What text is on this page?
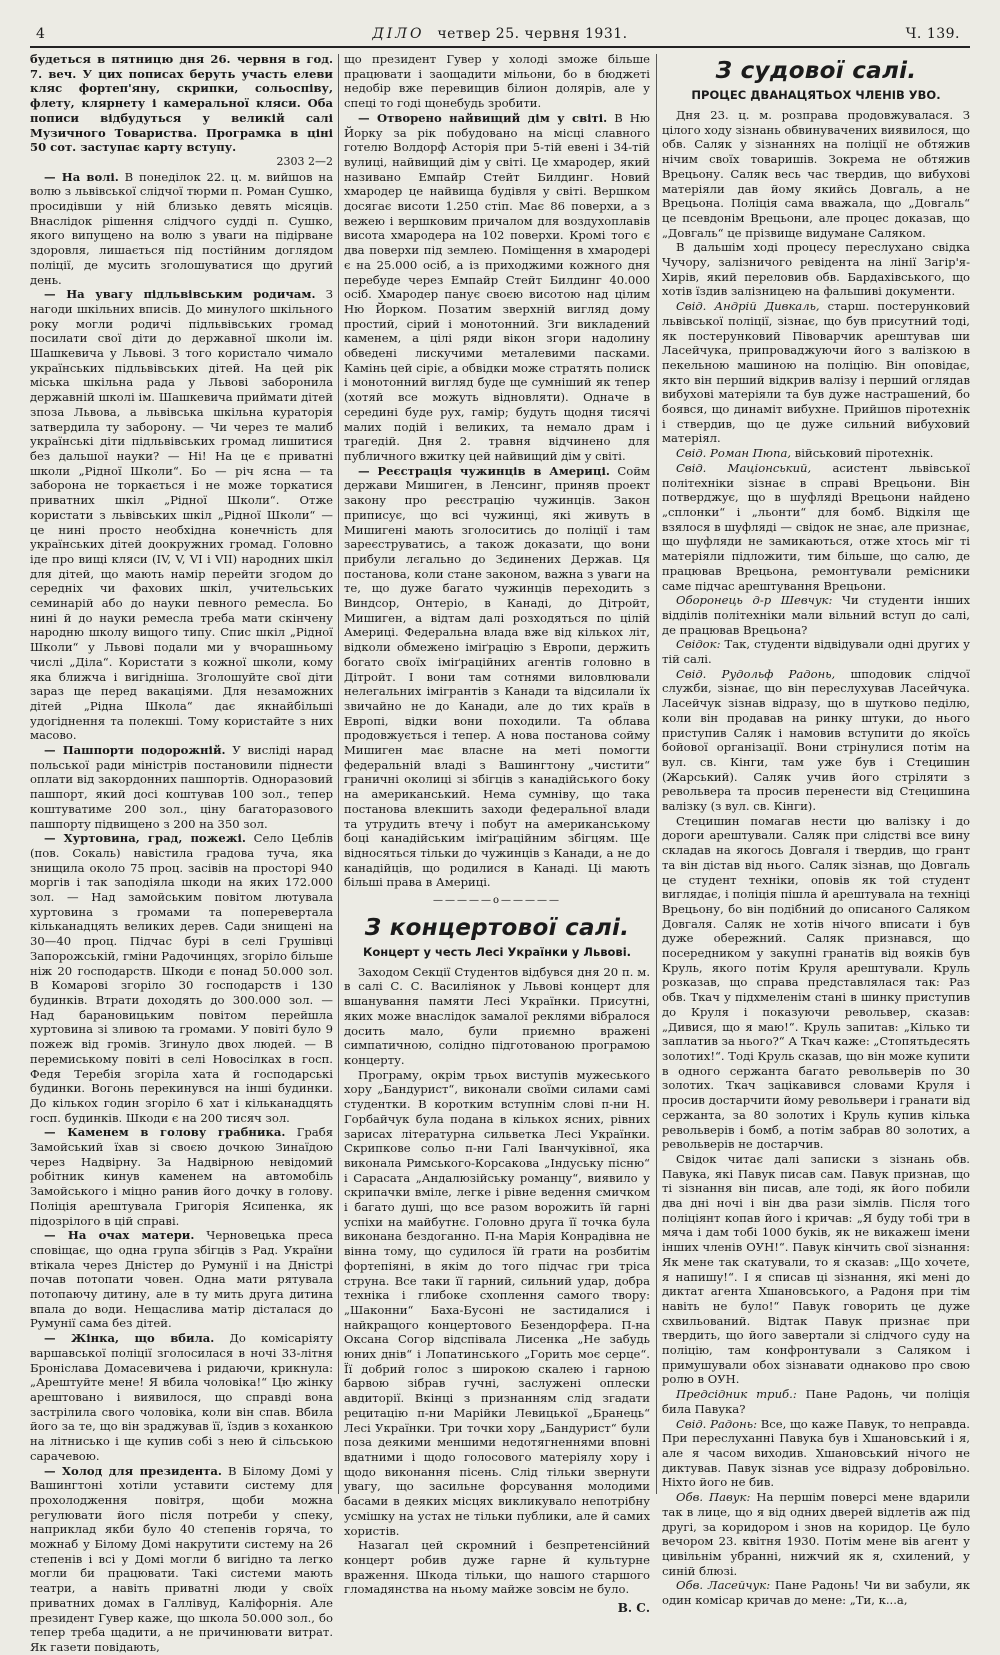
4	ДІЛО четвер 25. червня 1931.	Ч. 139.

будеться в пятницю дня 26. червня в год. 7. веч. У цих пописах беруть участь елеви кляс фортеп'яну, скрипки, сольоспіву, флету, клярнету і камеральної кляси. Оба пописи відбудуться у великій салі Музичного Товариства. Програмка в ціні 50 сот. заступає карту вступу.

2303 2—2

— На волі. В понеділок 22. ц. м. вийшов на волю з львівської слідчої тюрми п. Роман Сушко, просидівши у ній близько девять місяців. Внаслідок рішення слідчого судді п. Сушко, якого випущено на волю з уваги на підірване здоровля, лишається під постійним доглядом поліції, де мусить зголошуватися що другий день.

— На увагу підльвівським родичам. З нагоди шкільних вписів. До минулого шкільного року могли родичі підльвівських громад посилати свої діти до державної школи ім. Шашкевича у Львові. З того користало чимало українських підльвівських дітей. На цей рік міська шкільна рада у Львові заборонила державній школі ім. Шашкевича приймати дітей зпоза Львова, а львівська шкільна кураторія затвердила ту заборону. — Чи через те малиб українські діти підльвівських громад лишитися без дальшої науки? — Ні! На це є приватні школи „Рідної Школи“. Бо — річ ясна — та заборона не торкається і не може торкатися приватних шкіл „Рідної Школи“. Отже користати з львівських шкіл „Рідної Школи“ — це нині просто необхідна конечність для українських дітей доокружних громад. Головно іде про вищі кляси (IV, V, VI і VII) народних шкіл для дітей, що мають намір перейти згодом до середніх чи фахових шкіл, учительських семинарій або до науки певного ремесла. Бо нині й до науки ремесла треба мати скінчену народню школу вищого типу. Спис шкіл „Рідної Школи“ у Львові подали ми у вчорашньому числі „Діла“. Користати з кожної школи, кому яка ближча і вигідніша. Зголошуйте свої діти зараз ще перед вакаціями. Для незаможних дітей „Рідна Школа“ дає якнайбільші удогіднення та полекші. Тому користайте з них масово.

— Пашпорти подорожній. У висліді нарад польської ради міністрів постановили піднести оплати від закордонних пашпортів. Одноразовий пашпорт, який досі коштував 100 зол., тепер коштуватиме 200 зол., ціну багаторазового пашпорту підвищено з 200 на 350 зол.

— Хуртовина, град, пожежі. Село Цеблів (пов. Сокаль) навістила градова туча, яка знищила около 75 проц. засівів на просторі 940 моргів і так заподіяла шкоди на яких 172.000 зол. — Над замойським повітом лютувала хуртовина з громами та поперевертала кільканадцять великих дерев. Сади знищені на 30—40 проц. Підчас бурі в селі Грушівці Запорожській, гміни Радочинцях, згоріло більше ніж 20 господарств. Шкоди є понад 50.000 зол. В Комарові згоріло 30 господарств і 130 будинків. Втрати доходять до 300.000 зол. — Над барановицьким повітом перейшла хуртовина зі зливою та громами. У повіті було 9 пожеж від громів. Згинуло двох людей. — В перемиському повіті в селі Новосілках в госп. Федя Теребія згоріла хата й господарські будинки. Вогонь перекинувся на інші будинки. До кількох годин згоріло 6 хат і кільканадцять госп. будинків. Шкоди є на 200 тисяч зол.

— Каменем в голову грабника. Грабя Замойський їхав зі своєю дочкою Зинаїдою через Надвірну. За Надвірною невідомий робітник кинув каменем на автомобіль Замойського і міцно ранив його дочку в голову. Поліція арештувала Григорія Ясипенка, як підозрілого в цій справі.

— На очах матери. Черновецька преса сповіщає, що одна група збігців з Рад. України втікала через Дністер до Румунії і на Дністрі почав потопати човен. Одна мати рятувала потопаючу дитину, але в ту мить друга дитина впала до води. Нещаслива матір дісталася до Румунії сама без дітей.

— Жінка, що вбила. До комісаріяту варшавської поліції зголосилася в ночі 33-літня Броніслава Домасевичева і ридаючи, крикнула: „Арештуйте мене! Я вбила чоловіка!“ Цю жінку арештовано і виявилося, що справді вона застрілила свого чоловіка, коли він спав. Вбила його за те, що він зраджував її, їздив з коханкою на літнисько і ще купив собі з нею й сільською сарачевою.

— Холод для президента. В Білому Домі у Вашингтоні хотіли уставити систему для прохолодження повітря, щоби можна регулювати його після потреби у спеку, наприклад якби було 40 степенів горяча, то можнаб у Білому Домі накрутити систему на 26 степенів і всі у Домі могли б вигідно та легко могли би працювати. Такі системи мають театри, а навіть приватні люди у своїх приватних домах в Галлівуд, Каліфорнія. Але президент Гувер каже, що школа 50.000 зол., бо тепер треба щадити, а не причинювати витрат. Як газети повідають,

що президент Гувер у холоді зможе більше працювати і заощадити мільони, бо в бюджеті недобір вже перевищив білион долярів, але у спеці то годі щонебудь зробити.

— Отворено найвищий дім у світі. В Ню Йорку за рік побудовано на місці славного готелю Волдорф Асторія при 5-тій евені і 34-тій вулиці, найвищий дім у світі. Це хмародер, який називано Емпайр Стейт Билдинг. Новий хмародер це найвища будівля у світі. Вершком досягає висоти 1.250 стіп. Має 86 поверхи, а з вежею і вершковим причалом для воздухоплавів висота хмародера на 102 поверхи. Кромі того є два поверхи під землею. Поміщення в хмародері є на 25.000 осіб, а із приходжими кожного дня перебуде через Емпайр Стейт Билдинг 40.000 осіб. Хмародер панує своєю висотою над цілим Ню Йорком. Позатим зверхній вигляд дому простий, сірий і монотонний. Зги викладений каменем, а цілі ряди вікон згори надолину обведені лискучими металевими пасками. Камінь цей сіріє, а обвідки може стратять полиск і монотонний вигляд буде ще сумніший як тепер (хотяй все можуть відновляти). Одначе в середині буде рух, гамір; будуть щодня тисячі малих подій і великих, та немало драм і трагедій. Дня 2. травня відчинено для публичного вжитку цей найвищий дім у світі.

— Реєстрація чужинців в Америці. Сойм держави Мишиген, в Ленсинг, приняв проект закону про реєстрацію чужинців. Закон приписує, що всі чужинці, які живуть в Мишигені мають зголоситись до поліції і там зареєструватись, а також доказати, що вони прибули лєгально до Зєдинених Держав. Ця постанова, коли стане законом, важна з уваги на те, що дуже багато чужинців переходить з Виндсор, Онтеріо, в Канаді, до Дітройт, Мишиген, а відтам далі розходяться по цілій Америці. Федеральна влада вже від кількох літ, відколи обмежено іміґрацію з Европи, держить богато своїх іміґраційних агентів головно в Дітройт. І вони там сотнями виловлювали нелегальних імігрантів з Канади та відсилали їх звичайно не до Канади, але до тих країв в Европі, відки вони походили. Та облава продовжується і тепер. А нова постанова сойму Мишиген має власне на меті помогти федеральній владі з Вашингтону „чистити“ граничні околиці зі збігців з канадійського боку на американський. Нема сумніву, що така постанова влекшить заходи федеральної влади та утрудить втечу і побут на американському боці канадійським іміґраційним збігцям. Ще відносяться тільки до чужинців з Канади, а не до канадійців, що родилися в Канаді. Ці мають більші права в Америці.

—————o—————
З концертової салі.
Концерт у честь Лесі Українки у Львові.

Заходом Секції Студентов відбувся дня 20 п. м. в салі С. С. Василіянок у Львові концерт для вшанування памяти Лесі Українки. Присутні, яких може внаслідок замалої реклями вібралося досить мало, були приємно вражені симпатичною, солідно підготованою програмою концерту.

Програму, окрім трьох виступів мужеського хору „Бандурист“, виконали своїми силами самі студентки. В коротким вступнім слові п-ни Н. Горбайчук була подана в кількох ясних, рівних зарисах літературна сильветка Лесі Українки. Скрипкове сольо п-ни Галі Іванчуківної, яка виконала Римського-Корсакова „Індуську пісню“ і Сарасата „Андалюзійську романцу“, виявило у скрипачки вміле, легке і рівне ведення смичком і багато душі, що все разом ворожить їй гарні успіхи на майбутнє. Головно друга її точка була виконана бездоганно. П-на Марія Конрадівна не вінна тому, що судилося їй грати на розбитім фортепіяні, в якім до того підчас гри тріса струна. Все таки її гарний, сильний удар, добра техніка і глибоке схоплення самого твору: „Шаконни“ Баха-Бусоні не застидалися і найкращого концертового Безендорфера. П-на Оксана Согор відспівала Лисенка „Не забудь юних днів“ і Лопатинського „Горить моє серце“. Її добрий голос з широкою скалею і гарною барвою зібрав гучні, заслужені оплески авдиторії. Вкінці з признанням слід згадати рецитацію п-ни Марійки Левицької „Бранець“ Лесі Українки. Три точки хору „Бандурист“ були поза деякими меншими недотягненнями вповні вдатними і щодо голосового матеріялу хору і щодо виконання пісень. Слід тільки звернути увагу, що засильне форсування молодими басами в деяких місцях викликувало непотрібну усмішку на устах не тільки публики, але й самих хористів.

Назагал цей скромний і безпретенсійний концерт робив дуже гарне й культурне враження. Шкода тільки, що нашого старшого гломадянства на ньому майже зовсім не було.

В. С.
З судової салі.
ПРОЦЕС ДВАНАЦЯТЬОХ ЧЛЕНІВ УВО.

Дня 23. ц. м. розправа продовжувалася. З цілого ходу зізнань обвинувачених виявилося, що обв. Саляк у зізнаннях на поліції не обтяжив нічим своїх товаришів. Зокрема не обтяжив Врецьону. Саляк весь час твердив, що вибухові матеріяли дав йому якийсь Довгаль, а не Врецьона. Поліція сама вважала, що „Довгаль“ це псевдонім Врецьони, але процес доказав, що „Довгаль“ це прізвище видумане Саляком.

В дальшім ході процесу переслухано свідка Чучору, залізничого ревідента на лінії Загір'я-Хирів, який переловив обв. Бардахівського, що хотів їздив залізницею на фальшиві документи.

Свід. Андрій Дивкаль, старш. постерунковий львівської поліції, зізнає, що був присутний тоді, як постерунковий Півоварчик арештував ши Ласейчука, припроваджуючи його з валізкою в пекельною машиною на поліцію. Він оповідає, якто він перший відкрив валізу і перший оглядав вибухові матеріяли та був дуже настрашений, бо боявся, що динаміт вибухне. Прийшов піротехнік і ствердив, що це дуже сильний вибуховий матеріял.

Свід. Роман Пюпа, військовий піротехнік.

Свід. Маціонський, асистент львівської політехніки зізнає в справі Врецьони. Він потверджує, що в шуфляді Врецьони найдено „сплонки“ і „льонти“ для бомб. Відкіля ще взялося в шуфляді — свідок не знає, але признає, що шуфляди не замикаються, отже хтось міг ті матеріяли підложити, тим більше, що салю, де працював Врецьона, ремонтували ремісники саме підчас арештування Врецьони.

Оборонець д-р Шевчук: Чи студенти інших відділів політехніки мали вільний вступ до салі, де працював Врецьона?

Свідок: Так, студенти відвідували одні других у тій салі.

Свід. Рудольф Радонь, шподовик слідчої служби, зізнає, що він переслухував Ласейчука. Ласейчук зізнав відразу, що в шутково педілю, коли він продавав на ринку штуки, до нього приступив Саляк і намовив вступити до якоїсь бойової організації. Вони стрінулися потім на вул. св. Кінги, там уже був і Стецишин (Жарський). Саляк учив його стріляти з револьвера та просив перенести від Стецишина валізку (з вул. св. Кінги).

Стецишин помагав нести цю валізку і до дороги арештували. Саляк при слідстві все вину складав на якогось Довгаля і твердив, що грант та він дістав від нього. Саляк зізнав, що Довгаль це студент техніки, оповів як той студент виглядає, і поліція пішла й арештувала на техніці Врецьону, бо він подібний до описаного Саляком Довгаля. Саляк не хотів нічого вписати і був дуже обережний. Саляк признався, що посередником у закупні гранатів від вояків був Круль, якого потім Круля арештували. Круль розказав, що справа представлялася так: Раз обв. Ткач у підхмеленім стані в шинку приступив до Круля і показуючи револьвер, сказав: „Дивися, що я маю!“. Круль запитав: „Кілько ти заплатив за нього?“ А Ткач каже: „Стопятьдесять золотих!“. Тоді Круль сказав, що він може купити в одного сержанта багато револьверів по 30 золотих. Ткач зацікавився словами Круля і просив достарчити йому револьвери і гранати від сержанта, за 80 золотих і Круль купив кілька револьверів і бомб, а потім забрав 80 золотих, а револьверів не достарчив.

Свідок читає далі записки з зізнань обв. Павука, які Павук писав сам. Павук признав, що ті зізнання він писав, але тоді, як його побили два дні ночі і він два рази зімлів. Після того поліціянт копав його і кричав: „Я буду тобі три в мяча і дам тобі 1000 буків, як не викажеш імени інших членів ОУН!“. Павук кінчить свої зізнання: Як мене так скатували, то я сказав: „Що хочете, я напишу!“. І я списав ці зізнання, які мені до диктат агента Хшановського, а Радоня при тім навіть не було!“ Павук говорить це дуже схвильований. Відтак Павук признає при твердить, що його завертали зі слідчого суду на поліцію, там конфронтували з Саляком і примушували обох зізнавати однаково про свою ролю в ОУН.

Предсідник триб.: Пане Радонь, чи поліція била Павука?

Свід. Радонь: Все, що каже Павук, то неправда. При переслуханні Павука був і Хшановський і я, але я часом виходив. Хшановський нічого не диктував. Павук зізнав усе відразу добровільно. Ніхто його не бив.

Обв. Павук: На першім поверсі мене вдарили так в лице, що я від одних дверей відлетів аж під другі, за коридором і знов на коридор. Це було вечором 23. квітня 1930. Потім мене вів агент у цивільнім убранні, нижчий як я, схилений, у синій блюзі.

Обв. Ласейчук: Пане Радонь! Чи ви забули, як один комісар кричав до мене: „Ти, к...а,
